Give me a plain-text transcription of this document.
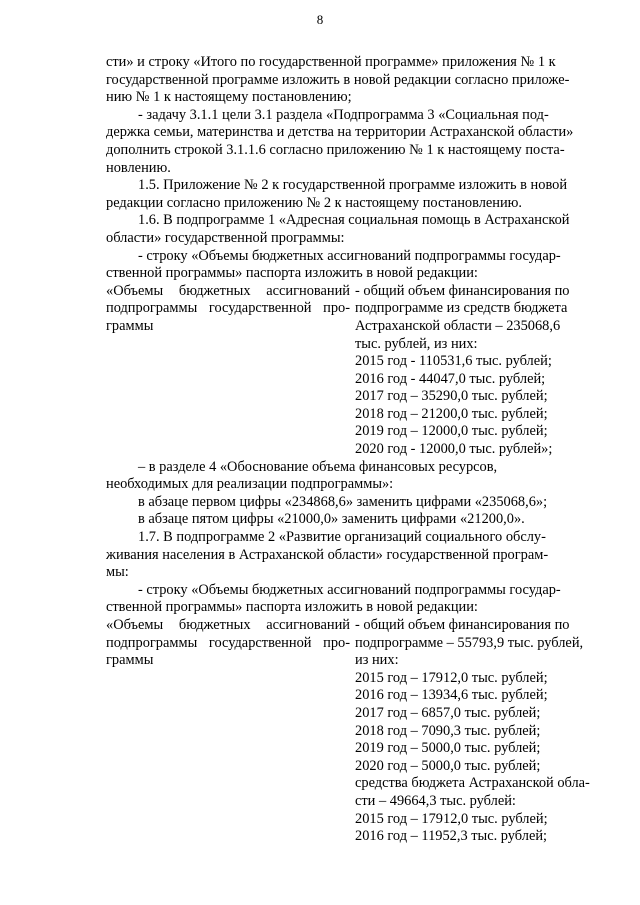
8

сти» и строку «Итого по государственной программе» приложения № 1 к
государственной программе изложить в новой редакции согласно приложе-
нию № 1 к настоящему постановлению;

- задачу 3.1.1 цели 3.1 раздела «Подпрограмма 3 «Социальная под-
держка семьи, материнства и детства на территории Астраханской области»
дополнить строкой 3.1.1.6 согласно приложению № 1 к настоящему поста-
новлению.

1.5. Приложение № 2 к государственной программе изложить в новой
редакции согласно приложению № 2 к настоящему постановлению.

1.6. В подпрограмме 1 «Адресная социальная помощь в Астраханской
области» государственной программы:

- строку «Объемы бюджетных ассигнований подпрограммы государ-
ственной программы» паспорта изложить в новой редакции:

«Объемы бюджетных ассигнований подпрограммы государственной про-граммы
- общий объем финансирования по
подпрограмме из средств бюджета
Астраханской области – 235068,6
тыс. рублей, из них:
2015 год - 110531,6 тыс. рублей;
2016 год - 44047,0 тыс. рублей;
2017 год – 35290,0 тыс. рублей;
2018 год – 21200,0 тыс. рублей;
2019 год – 12000,0 тыс. рублей;
2020 год - 12000,0 тыс. рублей»;

– в разделе 4 «Обоснование объема финансовых ресурсов,
необходимых для реализации подпрограммы»:

в абзаце первом цифры «234868,6» заменить цифрами «235068,6»;

в абзаце пятом цифры «21000,0» заменить цифрами «21200,0».

1.7. В подпрограмме 2 «Развитие организаций социального обслу-
живания населения в Астраханской области» государственной програм-
мы:

- строку «Объемы бюджетных ассигнований подпрограммы государ-
ственной программы» паспорта изложить в новой редакции:

«Объемы бюджетных ассигнований подпрограммы государственной про-граммы
- общий объем финансирования по
подпрограмме – 55793,9 тыс. рублей,
из них:
2015 год – 17912,0 тыс. рублей;
2016 год – 13934,6 тыс. рублей;
2017 год – 6857,0 тыс. рублей;
2018 год – 7090,3 тыс. рублей;
2019 год – 5000,0 тыс. рублей;
2020 год – 5000,0 тыс. рублей;
средства бюджета Астраханской обла-
сти – 49664,3 тыс. рублей:
2015 год – 17912,0 тыс. рублей;
2016 год – 11952,3 тыс. рублей;
